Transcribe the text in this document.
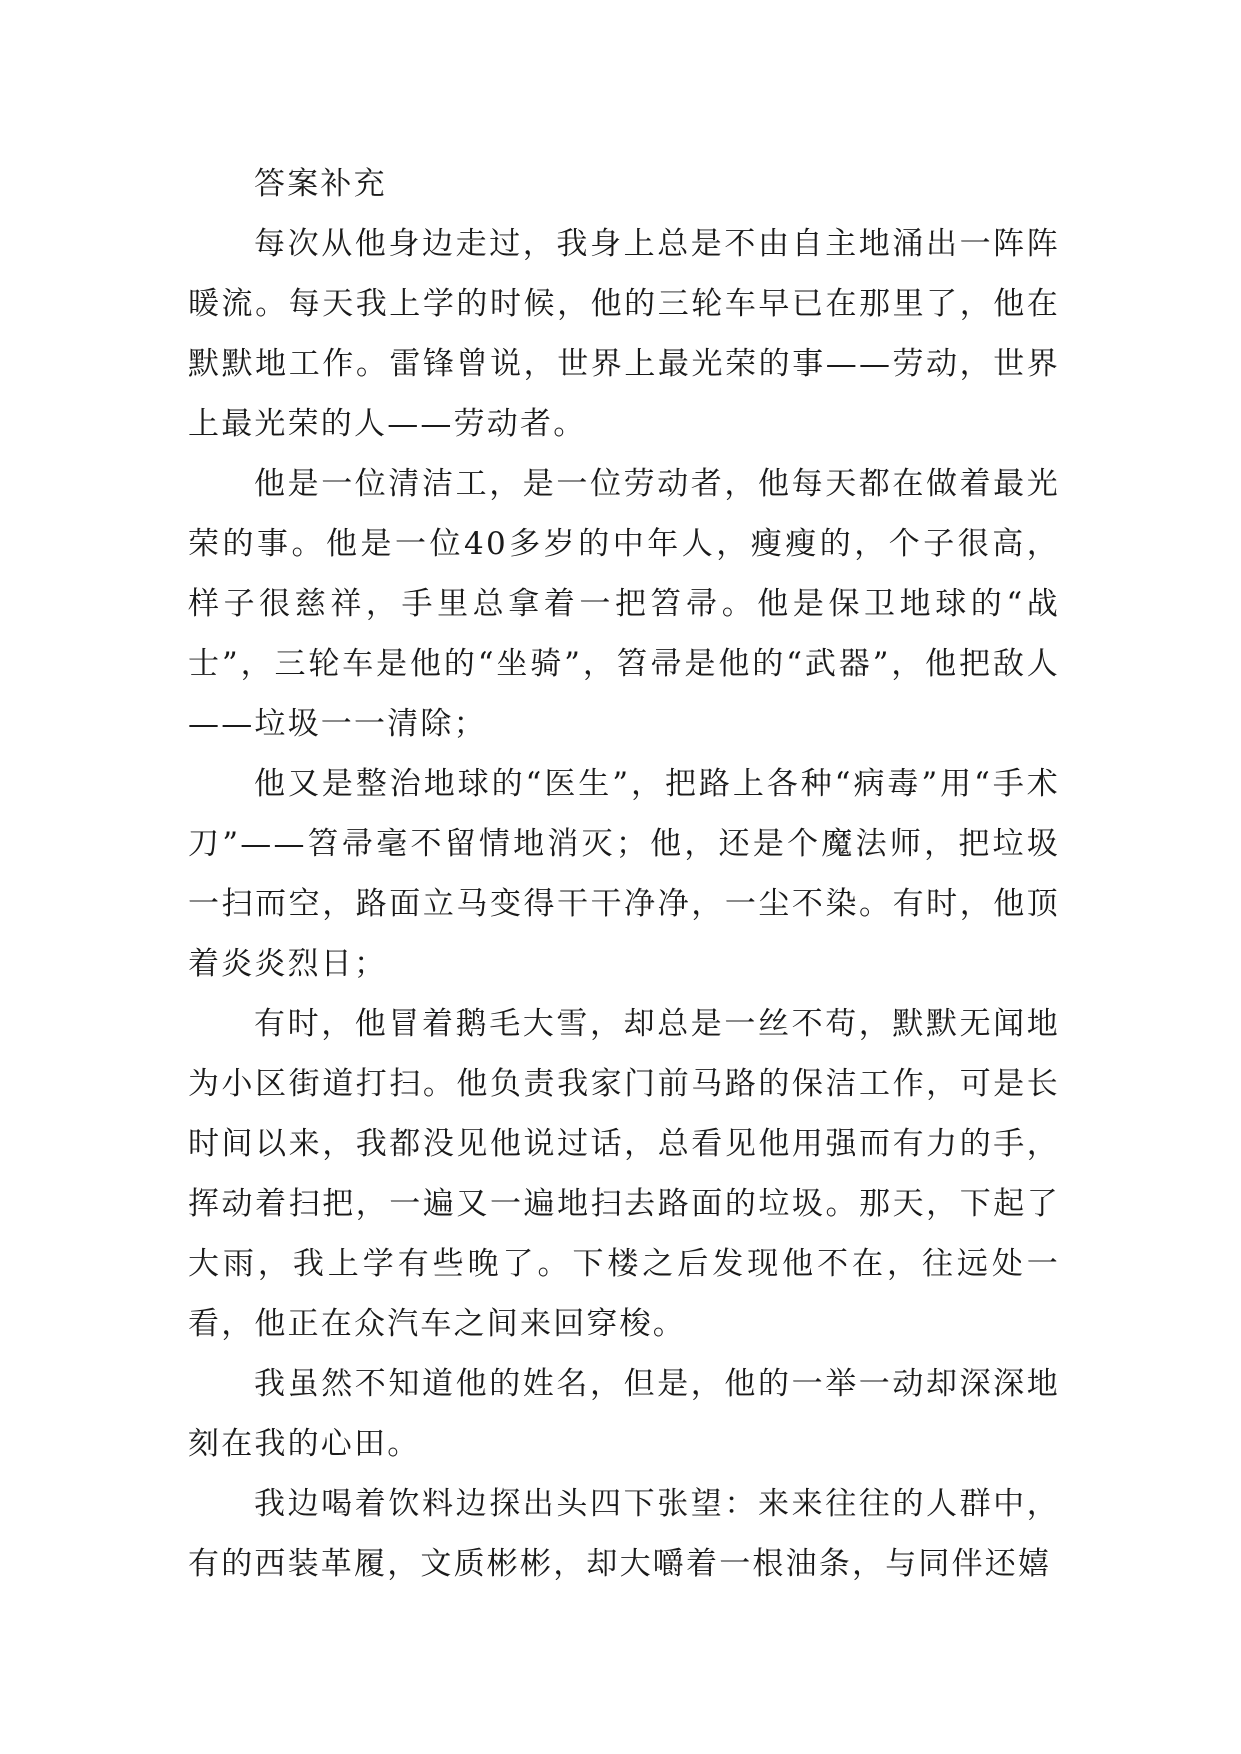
答案补充

每次从他身边走过，我身上总是不由自主地涌出一阵阵暖流。每天我上学的时候，他的三轮车早已在那里了，他在默默地工作。雷锋曾说，世界上最光荣的事——劳动，世界上最光荣的人——劳动者。

他是一位清洁工，是一位劳动者，他每天都在做着最光荣的事。他是一位40多岁的中年人，瘦瘦的，个子很高，样子很慈祥，手里总拿着一把笤帚。他是保卫地球的“战士”，三轮车是他的“坐骑”，笤帚是他的“武器”，他把敌人——垃圾一一清除；

他又是整治地球的“医生”，把路上各种“病毒”用“手术刀”——笤帚毫不留情地消灭；他，还是个魔法师，把垃圾一扫而空，路面立马变得干干净净，一尘不染。有时，他顶着炎炎烈日；

有时，他冒着鹅毛大雪，却总是一丝不苟，默默无闻地为小区街道打扫。他负责我家门前马路的保洁工作，可是长时间以来，我都没见他说过话，总看见他用强而有力的手，挥动着扫把，一遍又一遍地扫去路面的垃圾。那天，下起了大雨，我上学有些晚了。下楼之后发现他不在，往远处一看，他正在众汽车之间来回穿梭。

我虽然不知道他的姓名，但是，他的一举一动却深深地刻在我的心田。

我边喝着饮料边探出头四下张望：来来往往的人群中，有的西装革履，文质彬彬，却大嚼着一根油条，与同伴还嬉
